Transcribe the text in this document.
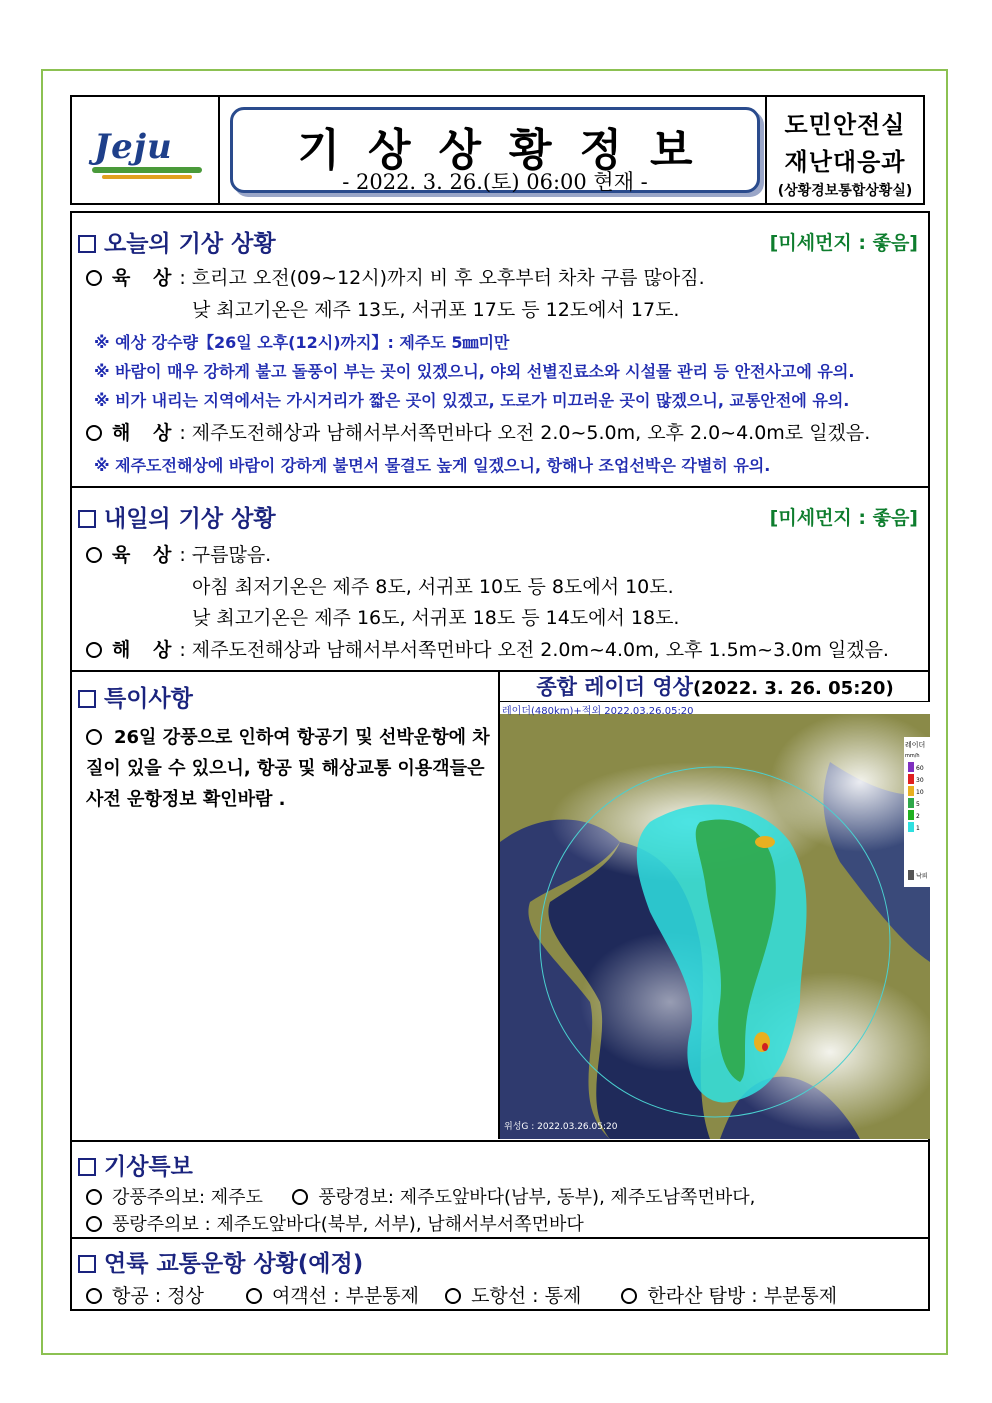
Jeju	기상상황정보
- 2022. 3. 26.(토) 06:00 현재 -
도민안전실
재난대응과
(상황경보통합상황실)
오늘의 기상 상황	[미세먼지 : 좋음]
육 상: 흐리고 오전(09~12시)까지 비 후 오후부터 차차 구름 많아짐.
낮 최고기온은 제주 13도, 서귀포 17도 등 12도에서 17도.
※ 예상 강수량【26일 오후(12시)까지】: 제주도 5㎜미만
※ 바람이 매우 강하게 불고 돌풍이 부는 곳이 있겠으니, 야외 선별진료소와 시설물 관리 등 안전사고에 유의.
※ 비가 내리는 지역에서는 가시거리가 짧은 곳이 있겠고, 도로가 미끄러운 곳이 많겠으니, 교통안전에 유의.
해 상: 제주도전해상과 남해서부서쪽먼바다 오전 2.0~5.0m, 오후 2.0~4.0m로 일겠음.
※ 제주도전해상에 바람이 강하게 불면서 물결도 높게 일겠으니, 항해나 조업선박은 각별히 유의.
내일의 기상 상황	[미세먼지 : 좋음]
육 상: 구름많음.
아침 최저기온은 제주 8도, 서귀포 10도 등 8도에서 10도.
낮 최고기온은 제주 16도, 서귀포 18도 등 14도에서 18도.
해 상: 제주도전해상과 남해서부서쪽먼바다 오전 2.0m~4.0m, 오후 1.5m~3.0m 일겠음.
특이사항
26일 강풍으로 인하여 항공기 및 선박운항에 차질이 있을 수 있으니, 항공 및 해상교통 이용객들은 사전 운항정보 확인바람 .
종합 레이더 영상(2022. 3. 26. 05:20)
레이더
mm/h
60
30
10
5
2
1
낙뢰
위성G : 2022.03.26.05:20
레이더(480km)+적외 2022.03.26.05:20
기상특보
강풍주의보: 제주도	풍랑경보: 제주도앞바다(남부, 동부), 제주도남쪽먼바다,
풍랑주의보 : 제주도앞바다(북부, 서부), 남해서부서쪽먼바다
연륙 교통운항 상황(예정)
항공 : 정상	여객선 : 부분통제	도항선 : 통제	한라산 탐방 : 부분통제
